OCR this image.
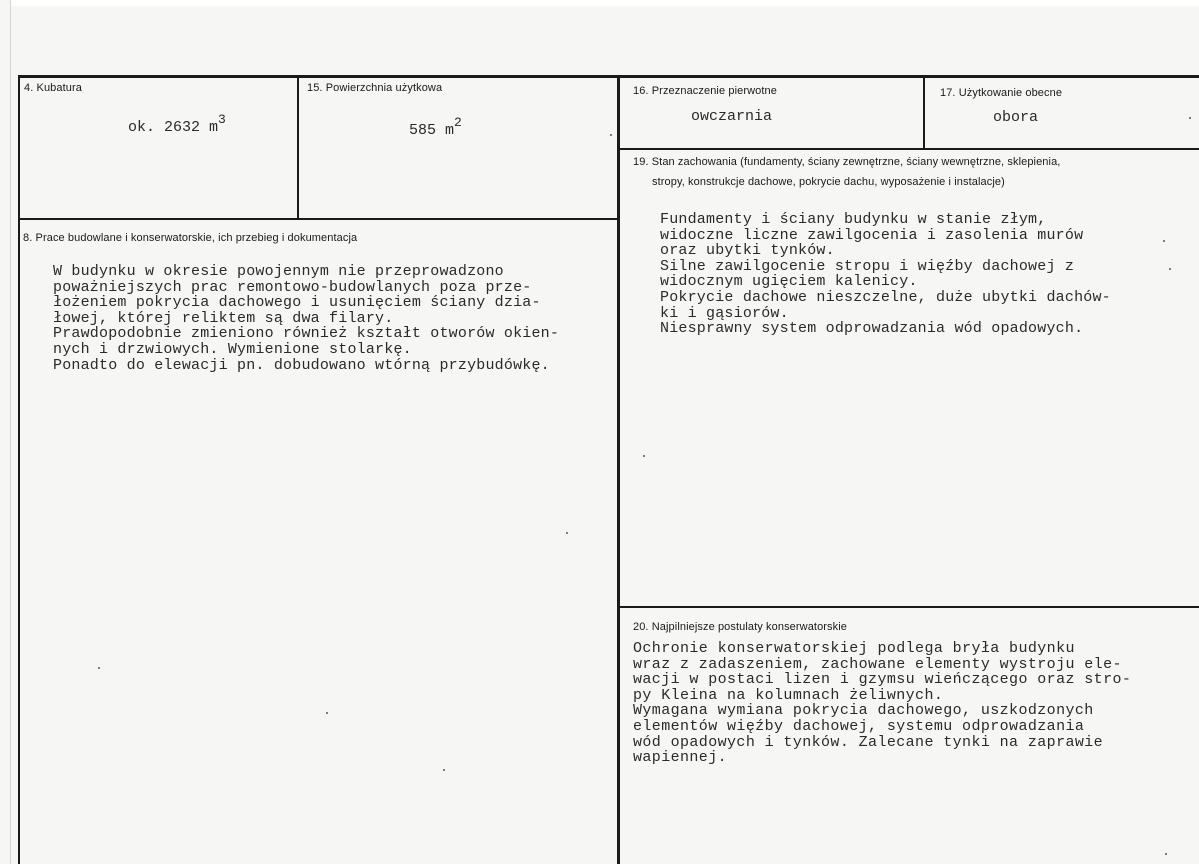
4. Kubatura
ok. 2632 $m^3$
15. Powierzchnia użytkowa
585 $m^2$
16. Przeznaczenie pierwotne
owczarnia
17. Użytkowanie obecne
obora
19. Stan zachowania (fundamenty, ściany zewnętrzne, ściany wewnętrzne, sklepienia,
stropy, konstrukcje dachowe, pokrycie dachu, wyposażenie i instalacje)
Fundamenty i ściany budynku w stanie złym,
widoczne liczne zawilgocenia i zasolenia murów
oraz ubytki tynków.
Silne zawilgocenie stropu i więźby dachowej z
widocznym ugięciem kalenicy.
Pokrycie dachowe nieszczelne, duże ubytki dachów-
ki i gąsiorów.
Niesprawny system odprowadzania wód opadowych.
8. Prace budowlane i konserwatorskie, ich przebieg i dokumentacja
W budynku w okresie powojennym nie przeprowadzono
poważniejszych prac remontowo-budowlanych poza prze-
łożeniem pokrycia dachowego i usunięciem ściany dzia-
łowej, której reliktem są dwa filary.
Prawdopodobnie zmieniono również kształt otworów okien-
nych i drzwiowych. Wymienione stolarkę.
Ponadto do elewacji pn. dobudowano wtórną przybudówkę.
20. Najpilniejsze postulaty konserwatorskie
Ochronie konserwatorskiej podlega bryła budynku
wraz z zadaszeniem, zachowane elementy wystroju ele-
wacji w postaci lizen i gzymsu wieńczącego oraz stro-
py Kleina na kolumnach żeliwnych.
Wymagana wymiana pokrycia dachowego, uszkodzonych
elementów więźby dachowej, systemu odprowadzania
wód opadowych i tynków. Zalecane tynki na zaprawie
wapiennej.
